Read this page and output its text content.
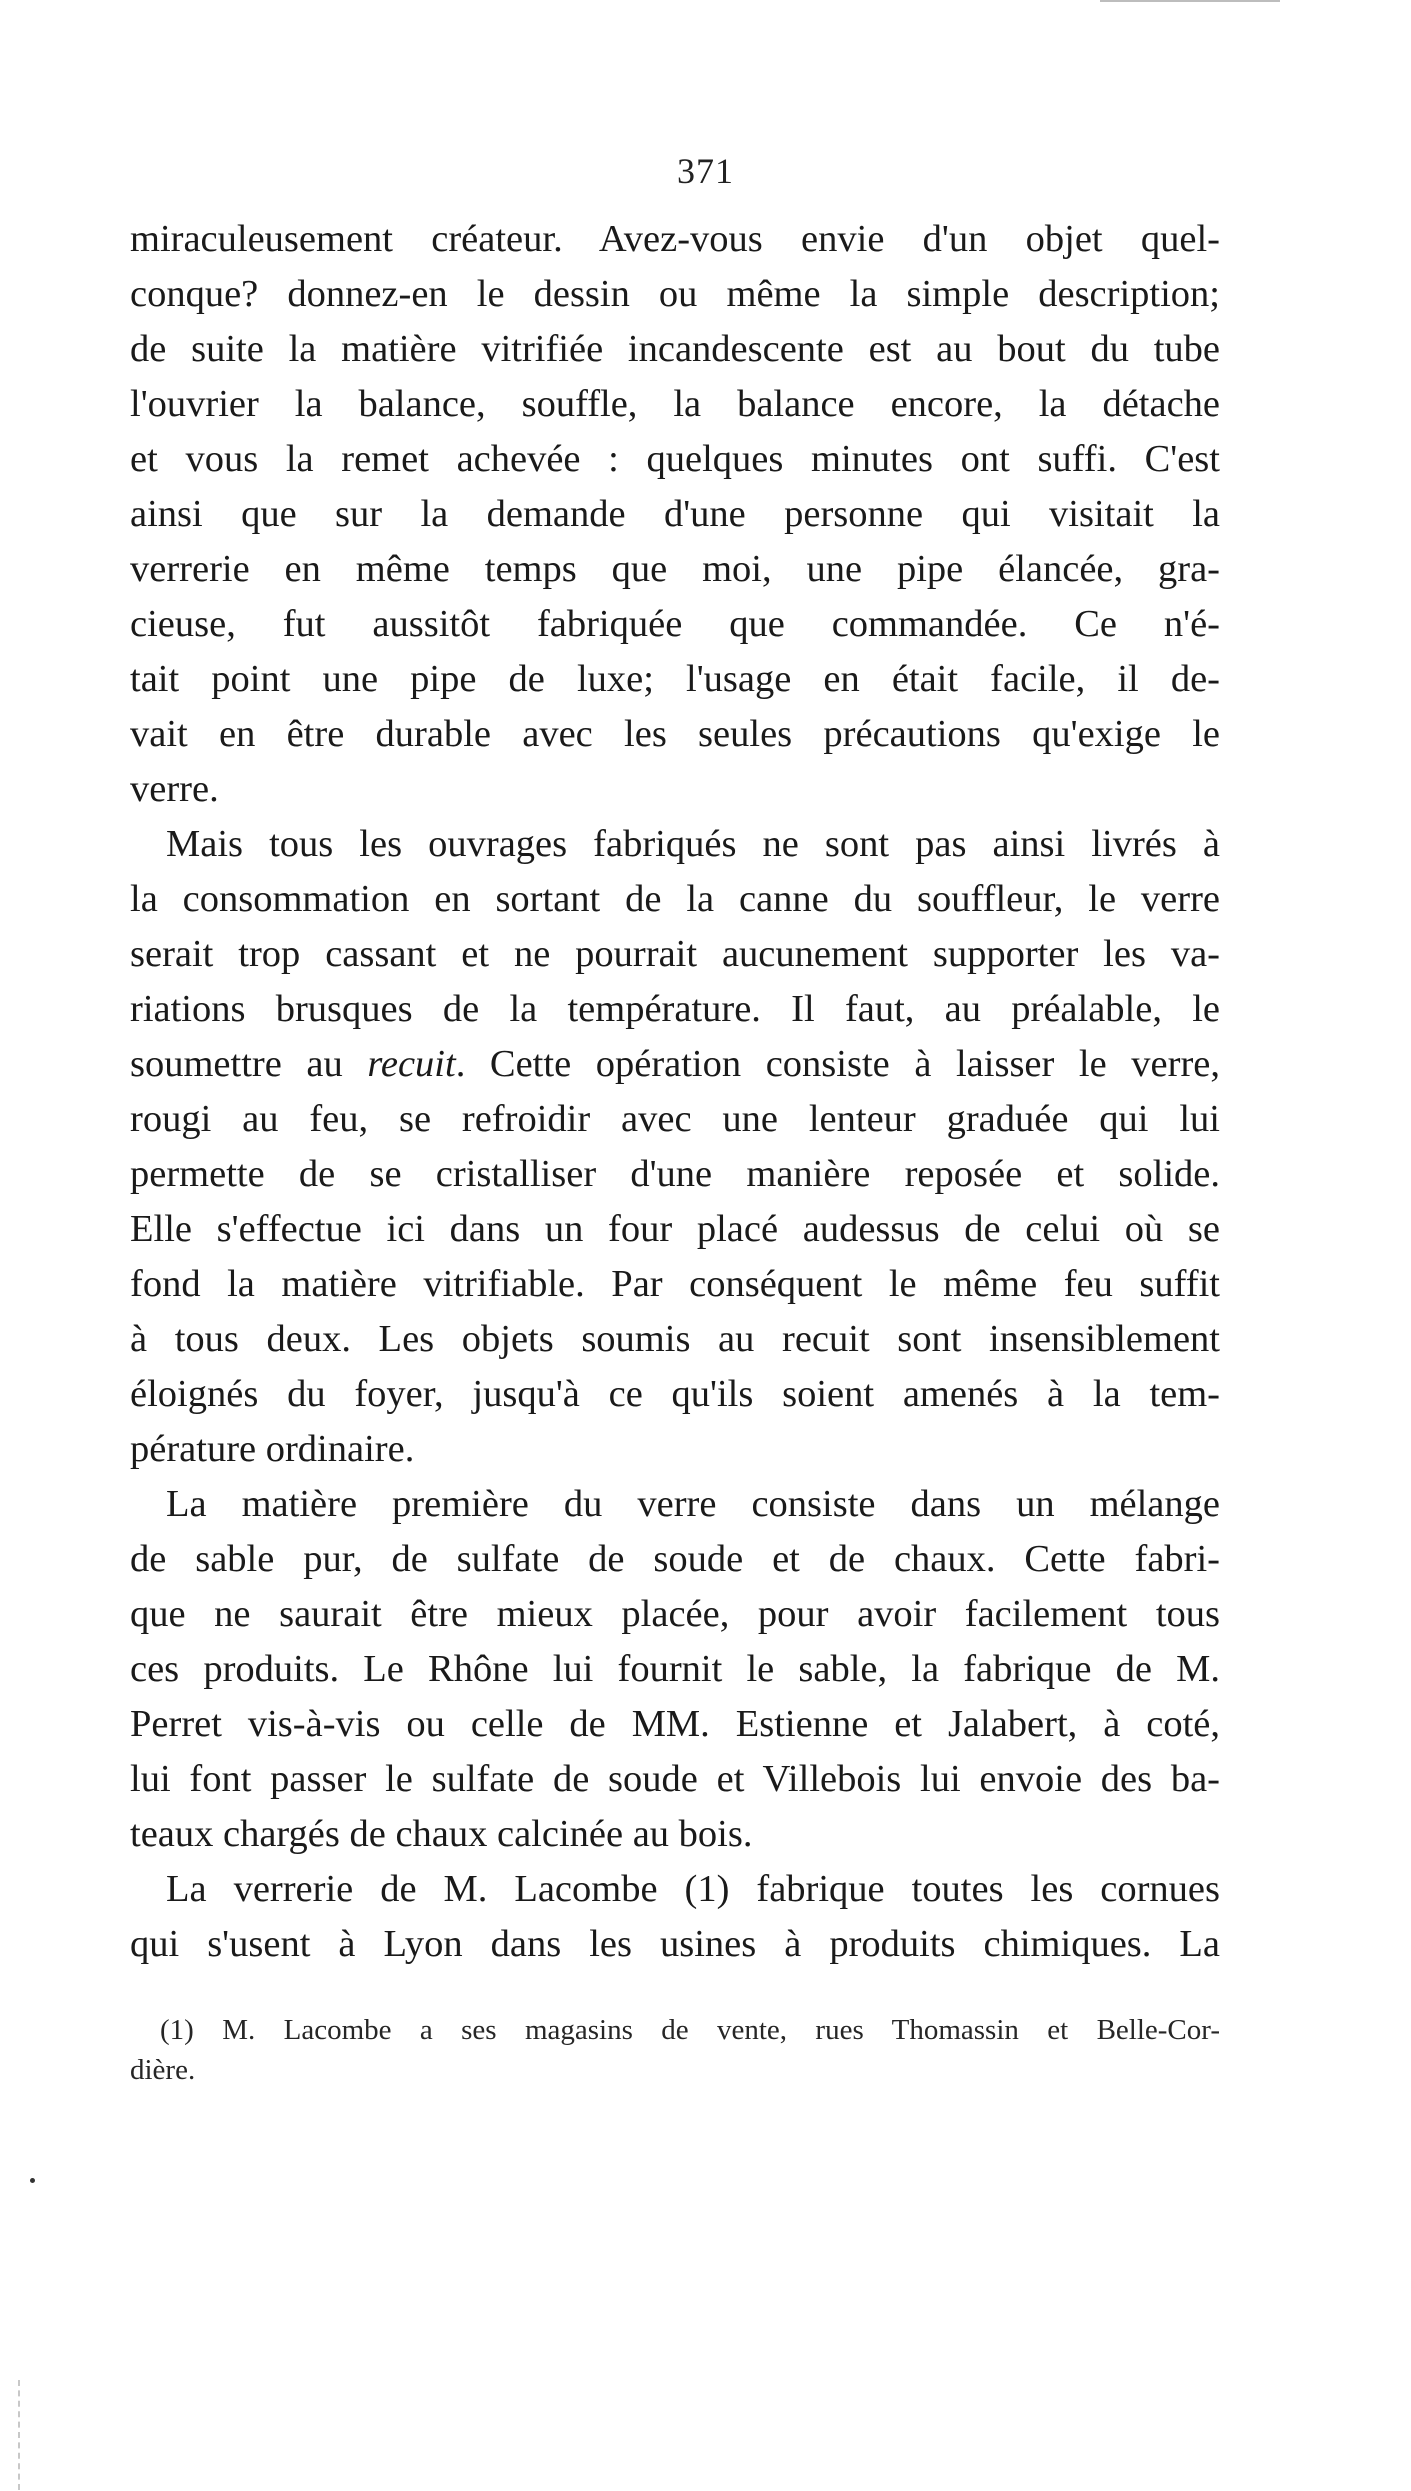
371
miraculeusement créateur. Avez-vous envie d'un objet quel-
conque? donnez-en le dessin ou même la simple description;
de suite la matière vitrifiée incandescente est au bout du tube
l'ouvrier la balance, souffle, la balance encore, la détache
et vous la remet achevée : quelques minutes ont suffi. C'est
ainsi que sur la demande d'une personne qui visitait la
verrerie en même temps que moi, une pipe élancée, gra-
cieuse, fut aussitôt fabriquée que commandée. Ce n'é-
tait point une pipe de luxe; l'usage en était facile, il de-
vait en être durable avec les seules précautions qu'exige le
verre.
Mais tous les ouvrages fabriqués ne sont pas ainsi livrés à
la consommation en sortant de la canne du souffleur, le verre
serait trop cassant et ne pourrait aucunement supporter les va-
riations brusques de la température. Il faut, au préalable, le
soumettre au recuit. Cette opération consiste à laisser le verre,
rougi au feu, se refroidir avec une lenteur graduée qui lui
permette de se cristalliser d'une manière reposée et solide.
Elle s'effectue ici dans un four placé audessus de celui où se
fond la matière vitrifiable. Par conséquent le même feu suffit
à tous deux. Les objets soumis au recuit sont insensiblement
éloignés du foyer, jusqu'à ce qu'ils soient amenés à la tem-
pérature ordinaire.
La matière première du verre consiste dans un mélange
de sable pur, de sulfate de soude et de chaux. Cette fabri-
que ne saurait être mieux placée, pour avoir facilement tous
ces produits. Le Rhône lui fournit le sable, la fabrique de M.
Perret vis-à-vis ou celle de MM. Estienne et Jalabert, à coté,
lui font passer le sulfate de soude et Villebois lui envoie des ba-
teaux chargés de chaux calcinée au bois.
La verrerie de M. Lacombe (1) fabrique toutes les cornues
qui s'usent à Lyon dans les usines à produits chimiques. La
(1) M. Lacombe a ses magasins de vente, rues Thomassin et Belle-Cor-
dière.
